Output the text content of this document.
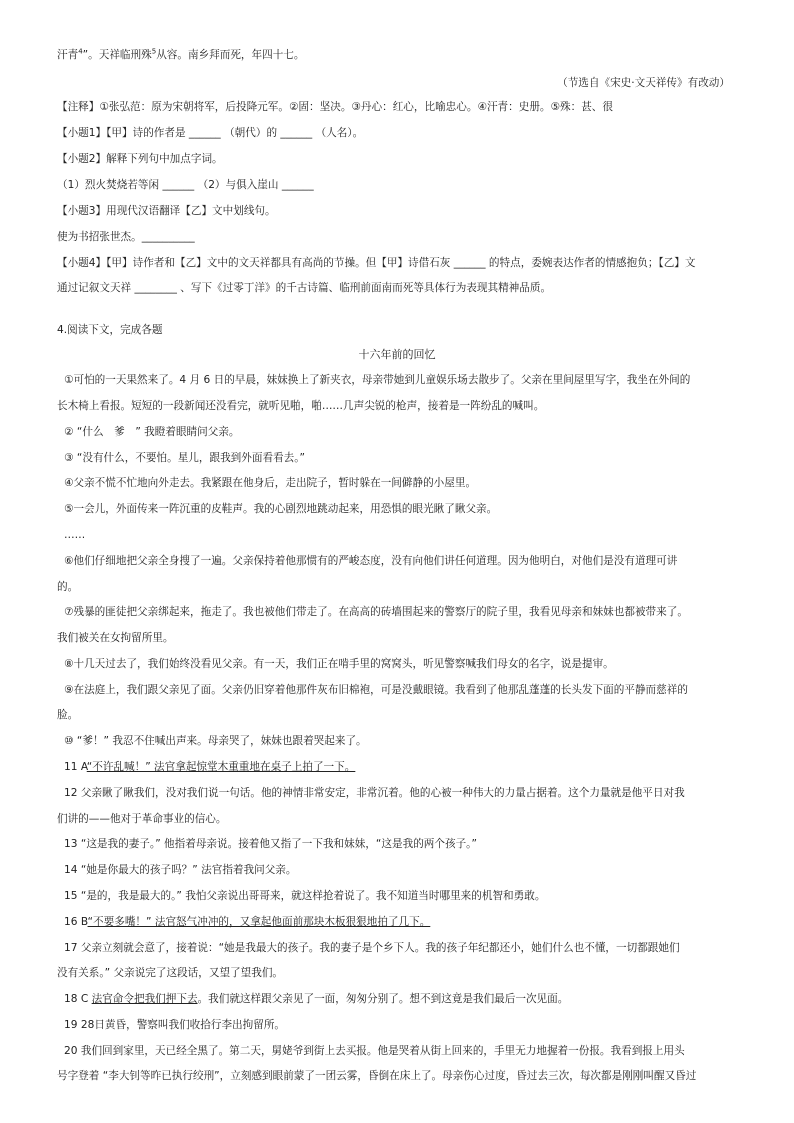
汗青$^4$”。天祥临刑殊$^5$从容。南乡拜而死，年四十七。
（节选自《宋史·文天祥传》有改动）
【注释】①张弘范：原为宋朝将军，后投降元军。②固：坚决。③丹心：红心，比喻忠心。④汗青：史册。⑤殊：甚、很
【小题1】【甲】诗的作者是 ______ （朝代）的 ______ （人名）。
【小题2】解释下列句中加点字词。
（1）烈火焚烧若等闲 ______ （2）与俱入崖山 ______
【小题3】用现代汉语翻译【乙】文中划线句。
使为书招张世杰。__________
【小题4】【甲】诗作者和【乙】文中的文天祥都具有高尚的节操。但【甲】诗借石灰 ______ 的特点，委婉表达作者的情感抱负；【乙】文
通过记叙文天祥 ________ 、写下《过零丁洋》的千古诗篇、临刑前面南而死等具体行为表现其精神品质。
4.阅读下文，完成各题
十六年前的回忆
①可怕的一天果然来了。4 月 6 日的早晨，妹妹换上了新夹衣，母亲带她到儿童娱乐场去散步了。父亲在里间屋里写字，我坐在外间的
长木椅上看报。短短的一段新闻还没看完，就听见啪，啪……几声尖锐的枪声，接着是一阵纷乱的喊叫。
② “什么　爹　” 我瞪着眼睛问父亲。
③ “没有什么，不要怕。星儿，跟我到外面看看去。”
④父亲不慌不忙地向外走去。我紧跟在他身后，走出院子，暂时躲在一间僻静的小屋里。
⑤一会儿，外面传来一阵沉重的皮鞋声。我的心剧烈地跳动起来，用恐惧的眼光瞅了瞅父亲。
……
⑥他们仔细地把父亲全身搜了一遍。父亲保持着他那惯有的严峻态度，没有向他们讲任何道理。因为他明白，对他们是没有道理可讲
的。
⑦残暴的匪徒把父亲绑起来，拖走了。我也被他们带走了。在高高的砖墙围起来的警察厅的院子里，我看见母亲和妹妹也都被带来了。
我们被关在女拘留所里。
⑧十几天过去了，我们始终没看见父亲。有一天，我们正在啃手里的窝窝头，听见警察喊我们母女的名字，说是提审。
⑨在法庭上，我们跟父亲见了面。父亲仍旧穿着他那件灰布旧棉袍，可是没戴眼镜。我看到了他那乱蓬蓬的长头发下面的平静而慈祥的
脸。
⑩ “爹！” 我忍不住喊出声来。母亲哭了，妹妹也跟着哭起来了。
11 A“不许乱喊！” 法官拿起惊堂木重重地在桌子上拍了一下。
12 父亲瞅了瞅我们，没对我们说一句话。他的神情非常安定，非常沉着。他的心被一种伟大的力量占据着。这个力量就是他平日对我
们讲的——他对于革命事业的信心。
13 “这是我的妻子。” 他指着母亲说。接着他又指了一下我和妹妹，“这是我的两个孩子。”
14 “她是你最大的孩子吗？” 法官指着我问父亲。
15 “是的，我是最大的。” 我怕父亲说出哥哥来，就这样抢着说了。我不知道当时哪里来的机智和勇敢。
16 B“不要多嘴！” 法官怒气冲冲的，又拿起他面前那块木板狠狠地拍了几下。
17 父亲立刻就会意了，接着说：“她是我最大的孩子。我的妻子是个乡下人。我的孩子年纪都还小，她们什么也不懂，一切都跟她们
没有关系。” 父亲说完了这段话，又望了望我们。
18 C 法官命令把我们押下去。我们就这样跟父亲见了一面，匆匆分别了。想不到这竟是我们最后一次见面。
19 28日黄昏，警察叫我们收拾行李出拘留所。
20 我们回到家里，天已经全黑了。第二天，舅姥爷到街上去买报。他是哭着从街上回来的，手里无力地握着一份报。我看到报上用头
号字登着 “李大钊等昨已执行绞刑”，立刻感到眼前蒙了一团云雾，昏倒在床上了。母亲伤心过度，昏过去三次，每次都是刚刚叫醒又昏过
